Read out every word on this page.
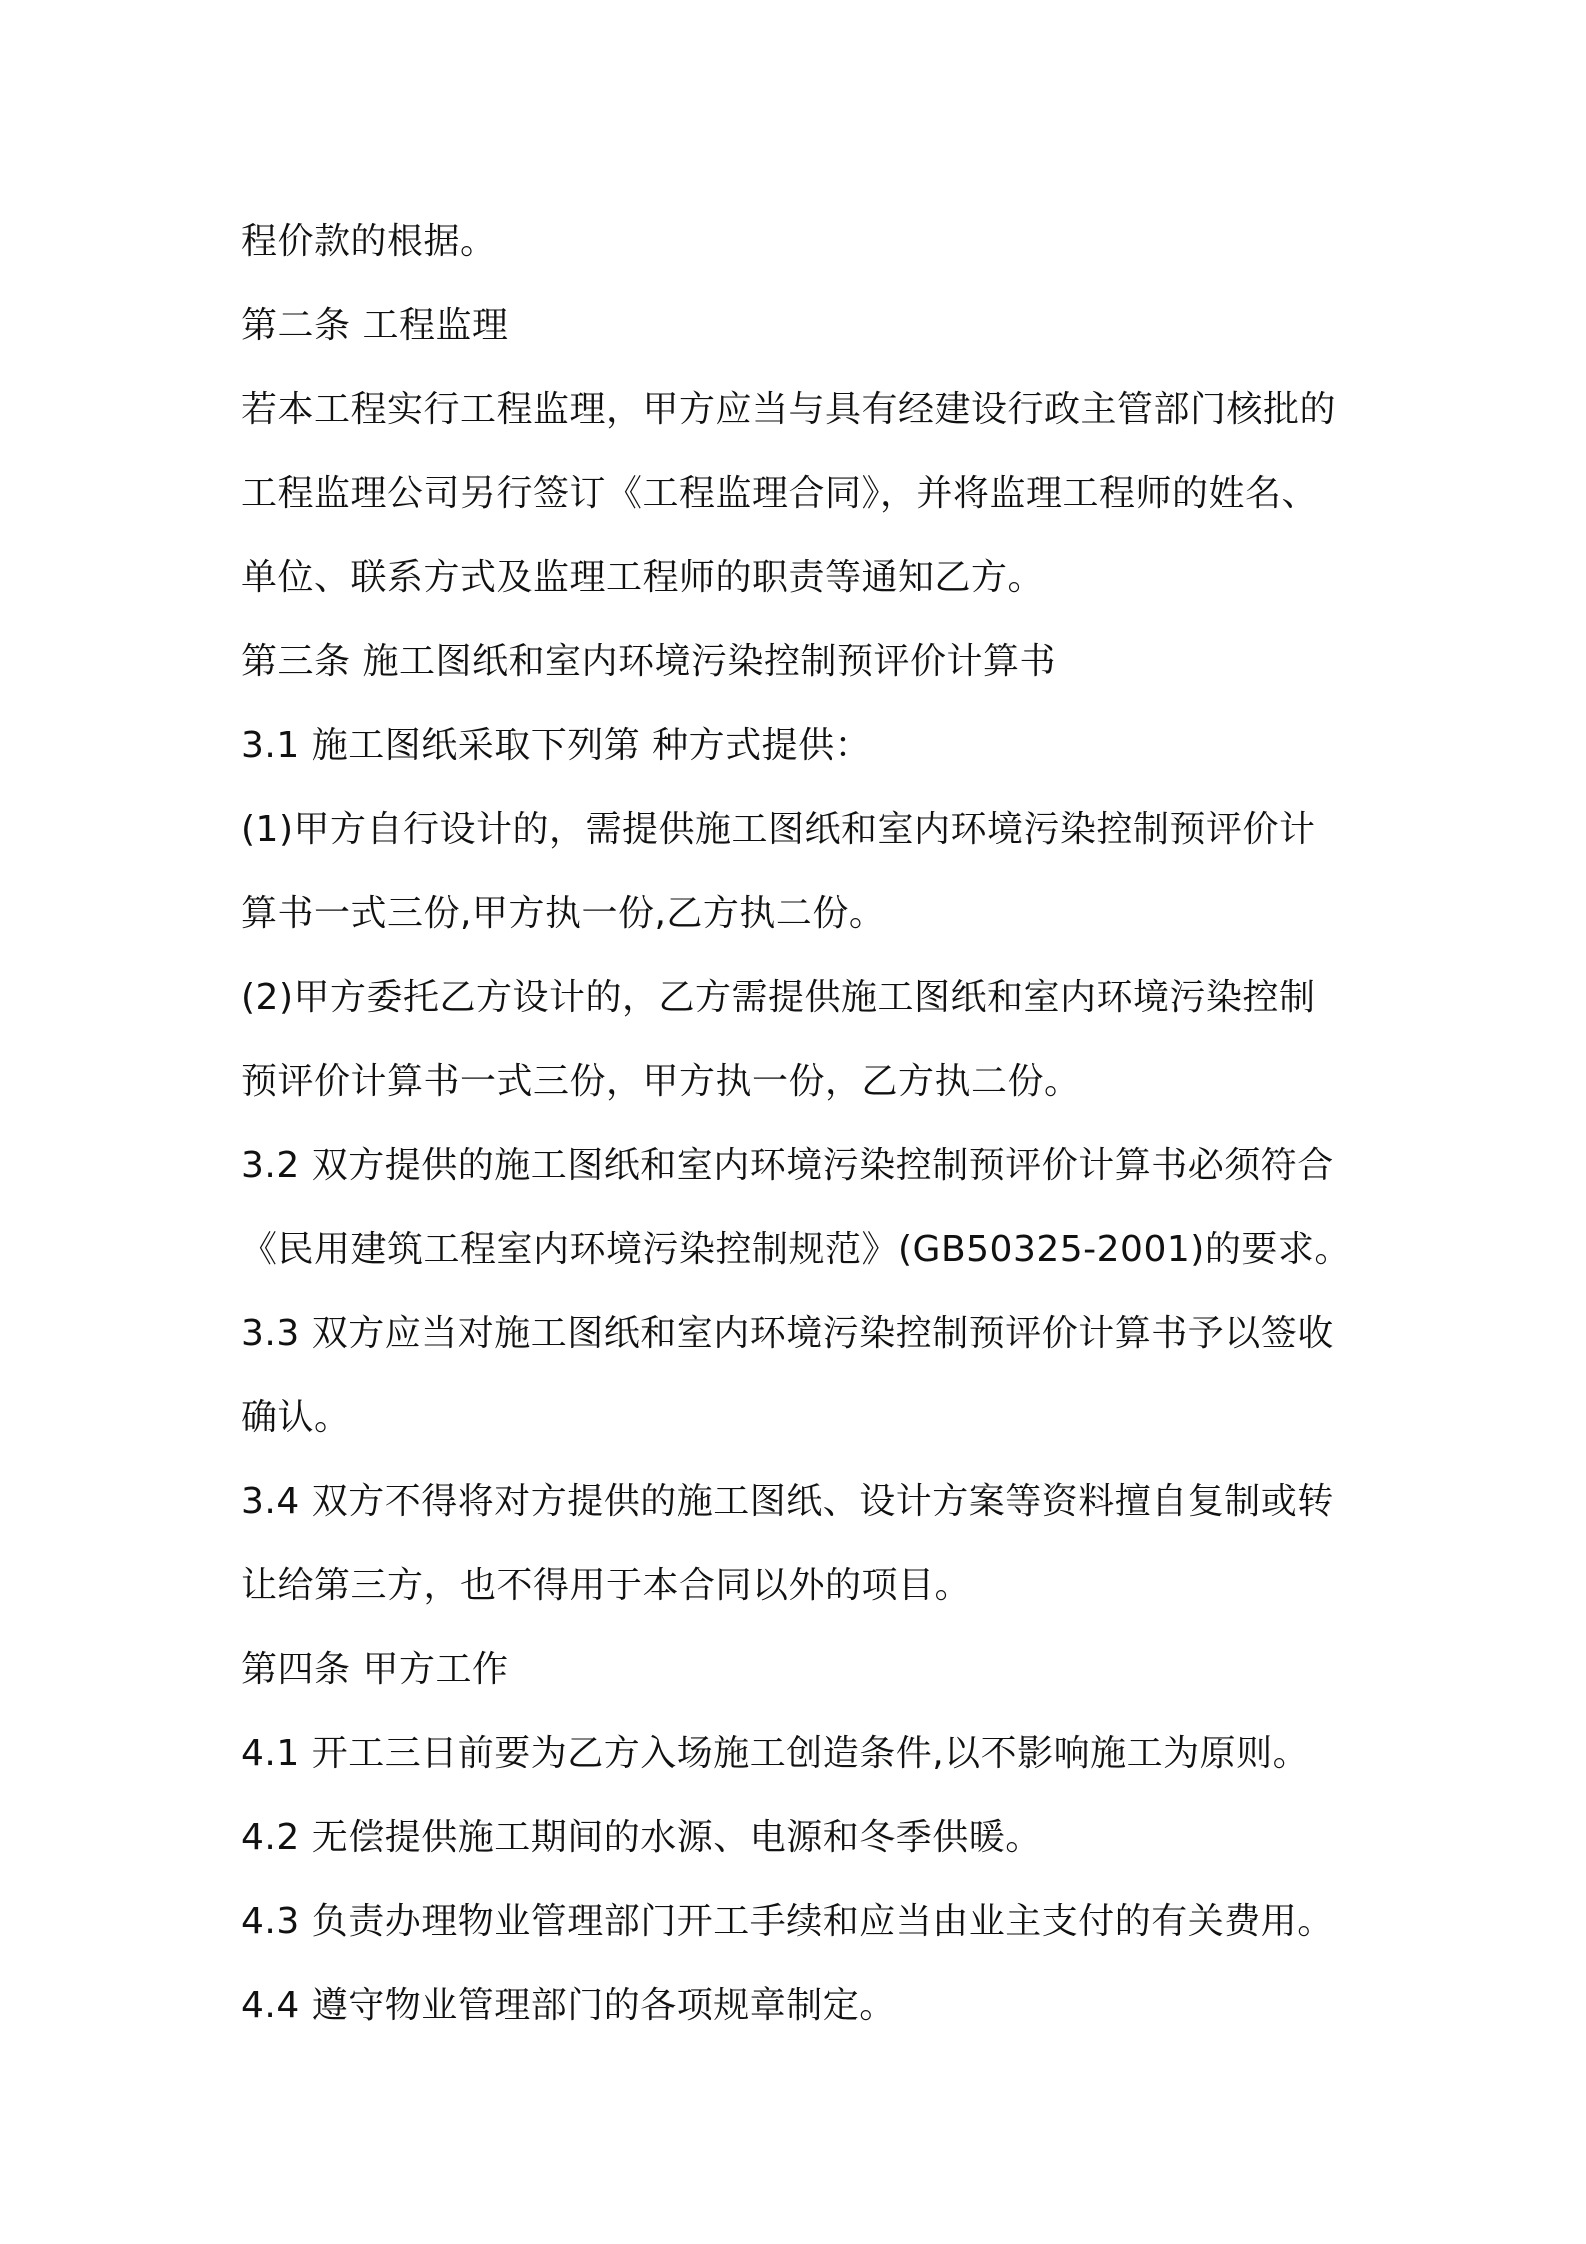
程价款的根据。
第二条 工程监理
若本工程实行工程监理，甲方应当与具有经建设行政主管部门核批的
工程监理公司另行签订《工程监理合同》，并将监理工程师的姓名、
单位、联系方式及监理工程师的职责等通知乙方。
第三条 施工图纸和室内环境污染控制预评价计算书
3.1 施工图纸采取下列第 种方式提供：
(1)甲方自行设计的，需提供施工图纸和室内环境污染控制预评价计
算书一式三份,甲方执一份,乙方执二份。
(2)甲方委托乙方设计的，乙方需提供施工图纸和室内环境污染控制
预评价计算书一式三份，甲方执一份，乙方执二份。
3.2 双方提供的施工图纸和室内环境污染控制预评价计算书必须符合
《民用建筑工程室内环境污染控制规范》(GB50325-2001)的要求。
3.3 双方应当对施工图纸和室内环境污染控制预评价计算书予以签收
确认。
3.4 双方不得将对方提供的施工图纸、设计方案等资料擅自复制或转
让给第三方，也不得用于本合同以外的项目。
第四条 甲方工作
4.1 开工三日前要为乙方入场施工创造条件,以不影响施工为原则。
4.2 无偿提供施工期间的水源、电源和冬季供暖。
4.3 负责办理物业管理部门开工手续和应当由业主支付的有关费用。
4.4 遵守物业管理部门的各项规章制定。
